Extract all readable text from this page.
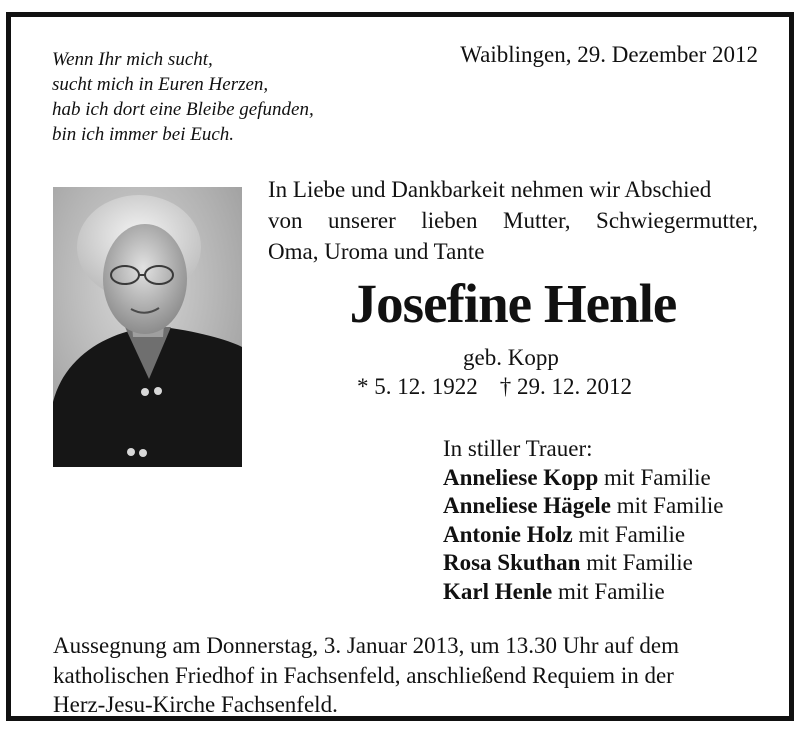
Wenn Ihr mich sucht,
sucht mich in Euren Herzen,
hab ich dort eine Bleibe gefunden,
bin ich immer bei Euch.
Waiblingen, 29. Dezember 2012
In Liebe und Dankbarkeit nehmen wir Abschied
von unserer lieben Mutter, Schwiegermutter,
Oma, Uroma und Tante
Josefine Henle
geb. Kopp
* 5. 12. 1922 † 29. 12. 2012
In stiller Trauer:
Anneliese Kopp mit Familie
Anneliese Hägele mit Familie
Antonie Holz mit Familie
Rosa Skuthan mit Familie
Karl Henle mit Familie
Aussegnung am Donnerstag, 3. Januar 2013, um 13.30 Uhr auf dem
katholischen Friedhof in Fachsenfeld, anschließend Requiem in der
Herz-Jesu-Kirche Fachsenfeld.
